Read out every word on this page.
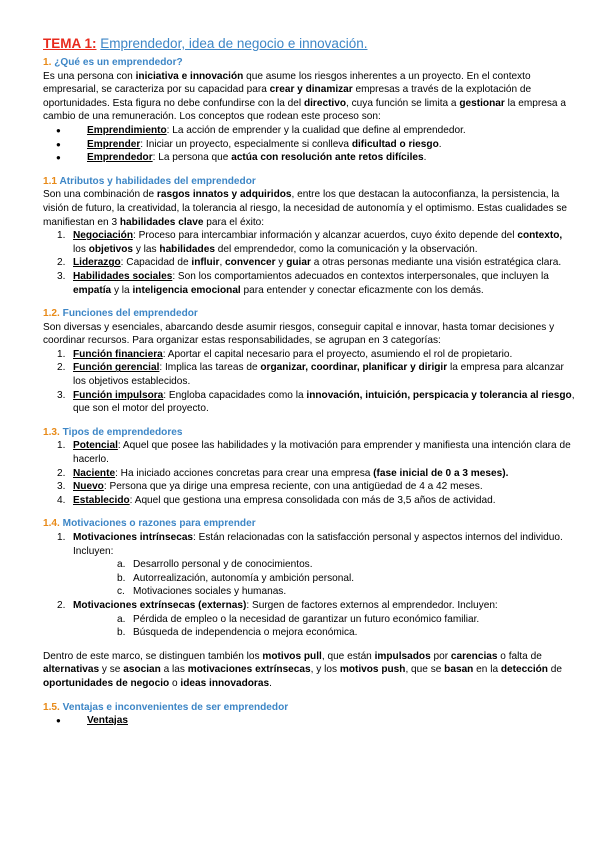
TEMA 1: Emprendedor, idea de negocio e innovación.
1. ¿Qué es un emprendedor?

Es una persona con iniciativa e innovación que asume los riesgos inherentes a un proyecto. En el contexto empresarial, se caracteriza por su capacidad para crear y dinamizar empresas a través de la explotación de oportunidades. Esta figura no debe confundirse con la del directivo, cuya función se limita a gestionar la empresa a cambio de una remuneración. Los conceptos que rodean este proceso son:

● Emprendimiento: La acción de emprender y la cualidad que define al emprendedor.
● Emprender: Iniciar un proyecto, especialmente si conlleva dificultad o riesgo.
● Emprendedor: La persona que actúa con resolución ante retos difíciles.
1.1 Atributos y habilidades del emprendedor

Son una combinación de rasgos innatos y adquiridos, entre los que destacan la autoconfianza, la persistencia, la visión de futuro, la creatividad, la tolerancia al riesgo, la necesidad de autonomía y el optimismo. Estas cualidades se manifiestan en 3 habilidades clave para el éxito:

1. Negociación: Proceso para intercambiar información y alcanzar acuerdos, cuyo éxito depende del contexto, los objetivos y las habilidades del emprendedor, como la comunicación y la observación.
2. Liderazgo: Capacidad de influir, convencer y guiar a otras personas mediante una visión estratégica clara.
3. Habilidades sociales: Son los comportamientos adecuados en contextos interpersonales, que incluyen la empatía y la inteligencia emocional para entender y conectar eficazmente con los demás.
1.2. Funciones del emprendedor

Son diversas y esenciales, abarcando desde asumir riesgos, conseguir capital e innovar, hasta tomar decisiones y coordinar recursos. Para organizar estas responsabilidades, se agrupan en 3 categorías:

1. Función financiera: Aportar el capital necesario para el proyecto, asumiendo el rol de propietario.
2. Función gerencial: Implica las tareas de organizar, coordinar, planificar y dirigir la empresa para alcanzar los objetivos establecidos.
3. Función impulsora: Engloba capacidades como la innovación, intuición, perspicacia y tolerancia al riesgo, que son el motor del proyecto.
1.3. Tipos de emprendedores
1. Potencial: Aquel que posee las habilidades y la motivación para emprender y manifiesta una intención clara de hacerlo.
2. Naciente: Ha iniciado acciones concretas para crear una empresa (fase inicial de 0 a 3 meses).
3. Nuevo: Persona que ya dirige una empresa reciente, con una antigüedad de 4 a 42 meses.
4. Establecido: Aquel que gestiona una empresa consolidada con más de 3,5 años de actividad.
1.4. Motivaciones o razones para emprender
1. Motivaciones intrínsecas: Están relacionadas con la satisfacción personal y aspectos internos del individuo. Incluyen:
a. Desarrollo personal y de conocimientos.
b. Autorrealización, autonomía y ambición personal.
c. Motivaciones sociales y humanas.
2. Motivaciones extrínsecas (externas): Surgen de factores externos al emprendedor. Incluyen:
a. Pérdida de empleo o la necesidad de garantizar un futuro económico familiar.
b. Búsqueda de independencia o mejora económica.

Dentro de este marco, se distinguen también los motivos pull, que están impulsados por carencias o falta de alternativas y se asocian a las motivaciones extrínsecas, y los motivos push, que se basan en la detección de oportunidades de negocio o ideas innovadoras.

1.5. Ventajas e inconvenientes de ser emprendedor
● Ventajas
